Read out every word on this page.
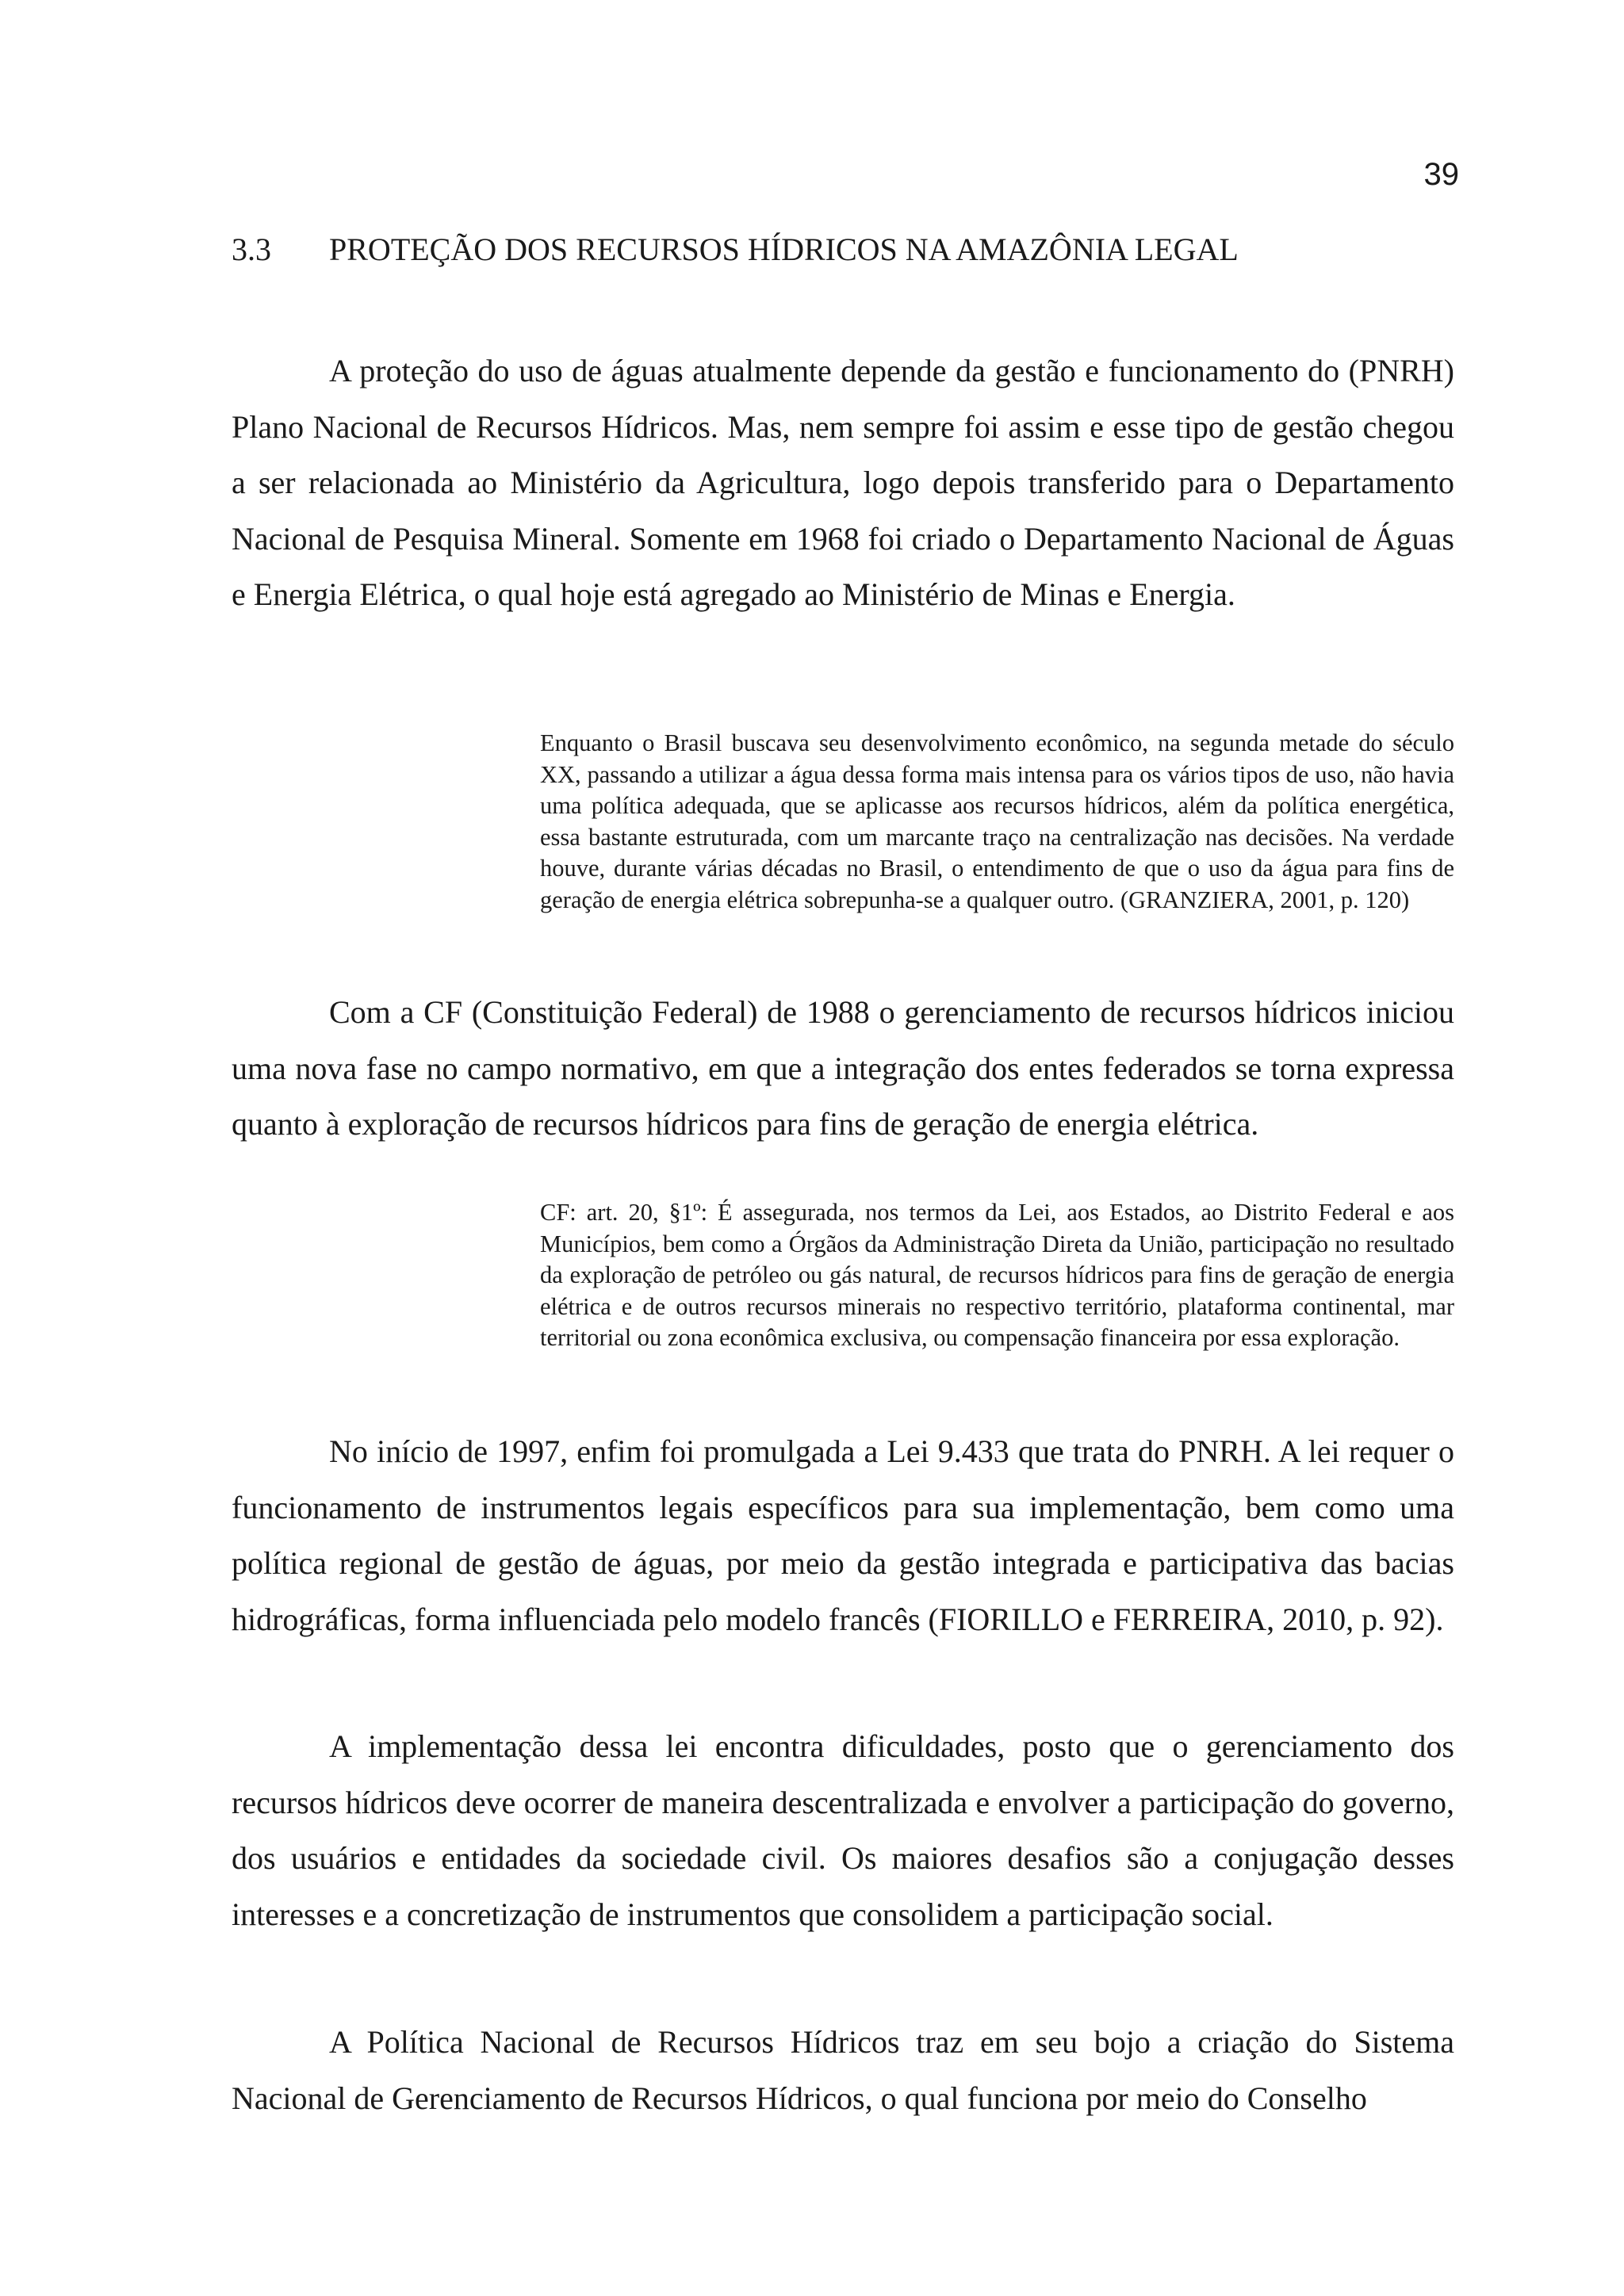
39
3.3 PROTEÇÃO DOS RECURSOS HÍDRICOS NA AMAZÔNIA LEGAL

A proteção do uso de águas atualmente depende da gestão e funcionamento do (PNRH) Plano Nacional de Recursos Hídricos. Mas, nem sempre foi assim e esse tipo de gestão chegou a ser relacionada ao Ministério da Agricultura, logo depois transferido para o Departamento Nacional de Pesquisa Mineral. Somente em 1968 foi criado o Departamento Nacional de Águas e Energia Elétrica, o qual hoje está agregado ao Ministério de Minas e Energia.

Enquanto o Brasil buscava seu desenvolvimento econômico, na segunda metade do século XX, passando a utilizar a água dessa forma mais intensa para os vários tipos de uso, não havia uma política adequada, que se aplicasse aos recursos hídricos, além da política energética, essa bastante estruturada, com um marcante traço na centralização nas decisões. Na verdade houve, durante várias décadas no Brasil, o entendimento de que o uso da água para fins de geração de energia elétrica sobrepunha-se a qualquer outro. (GRANZIERA, 2001, p. 120)

Com a CF (Constituição Federal) de 1988 o gerenciamento de recursos hídricos iniciou uma nova fase no campo normativo, em que a integração dos entes federados se torna expressa quanto à exploração de recursos hídricos para fins de geração de energia elétrica.

CF: art. 20, §1º: É assegurada, nos termos da Lei, aos Estados, ao Distrito Federal e aos Municípios, bem como a Órgãos da Administração Direta da União, participação no resultado da exploração de petróleo ou gás natural, de recursos hídricos para fins de geração de energia elétrica e de outros recursos minerais no respectivo território, plataforma continental, mar territorial ou zona econômica exclusiva, ou compensação financeira por essa exploração.

No início de 1997, enfim foi promulgada a Lei 9.433 que trata do PNRH. A lei requer o funcionamento de instrumentos legais específicos para sua implementação, bem como uma política regional de gestão de águas, por meio da gestão integrada e participativa das bacias hidrográficas, forma influenciada pelo modelo francês (FIORILLO e FERREIRA, 2010, p. 92).

A implementação dessa lei encontra dificuldades, posto que o gerenciamento dos recursos hídricos deve ocorrer de maneira descentralizada e envolver a participação do governo, dos usuários e entidades da sociedade civil. Os maiores desafios são a conjugação desses interesses e a concretização de instrumentos que consolidem a participação social.

A Política Nacional de Recursos Hídricos traz em seu bojo a criação do Sistema Nacional de Gerenciamento de Recursos Hídricos, o qual funciona por meio do Conselho
